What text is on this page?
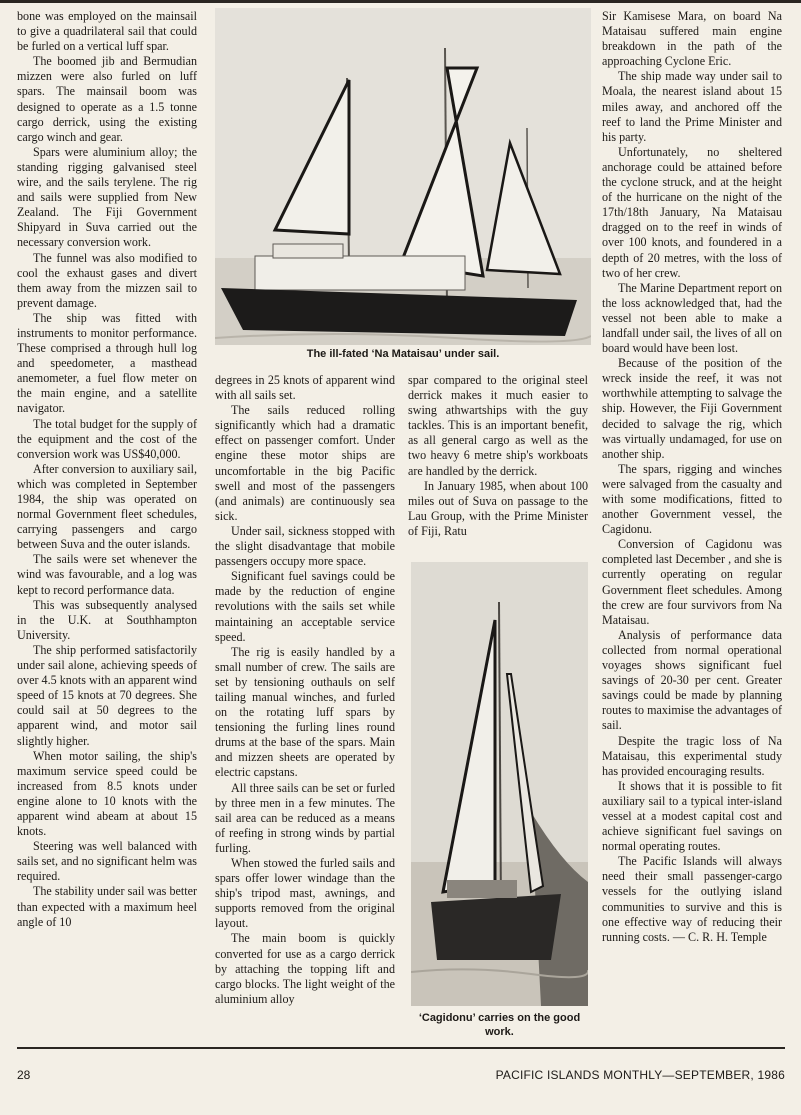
bone was employed on the mainsail to give a quadrilateral sail that could be furled on a vertical luff spar.

The boomed jib and Bermudian mizzen were also furled on luff spars. The mainsail boom was designed to operate as a 1.5 tonne cargo derrick, using the existing cargo winch and gear.

Spars were aluminium alloy; the standing rigging galvanised steel wire, and the sails terylene. The rig and sails were supplied from New Zealand. The Fiji Government Shipyard in Suva carried out the necessary conversion work.

The funnel was also modified to cool the exhaust gases and divert them away from the mizzen sail to prevent damage.

The ship was fitted with instruments to monitor performance. These comprised a through hull log and speedometer, a masthead anemometer, a fuel flow meter on the main engine, and a satellite navigator.

The total budget for the supply of the equipment and the cost of the conversion work was US$40,000.

After conversion to auxiliary sail, which was completed in September 1984, the ship was operated on normal Government fleet schedules, carrying passengers and cargo between Suva and the outer islands.

The sails were set whenever the wind was favourable, and a log was kept to record performance data.

This was subsequently analysed in the U.K. at Southhampton University.

The ship performed satisfactorily under sail alone, achieving speeds of over 4.5 knots with an apparent wind speed of 15 knots at 70 degrees. She could sail at 50 degrees to the apparent wind, and motor sail slightly higher.

When motor sailing, the ship's maximum service speed could be increased from 8.5 knots under engine alone to 10 knots with the apparent wind abeam at about 15 knots.

Steering was well balanced with sails set, and no significant helm was required.

The stability under sail was better than expected with a maximum heel angle of 10

The ill-fated ‘Na Mataisau’ under sail.

degrees in 25 knots of apparent wind with all sails set.

The sails reduced rolling significantly which had a dramatic effect on passenger comfort. Under engine these motor ships are uncomfortable in the big Pacific swell and most of the passengers (and animals) are continuously sea sick.

Under sail, sickness stopped with the slight disadvantage that mobile passengers occupy more space.

Significant fuel savings could be made by the reduction of engine revolutions with the sails set while maintaining an acceptable service speed.

The rig is easily handled by a small number of crew. The sails are set by tensioning outhauls on self tailing manual winches, and furled on the rotating luff spars by tensioning the furling lines round drums at the base of the spars. Main and mizzen sheets are operated by electric capstans.

All three sails can be set or furled by three men in a few minutes. The sail area can be reduced as a means of reefing in strong winds by partial furling.

When stowed the furled sails and spars offer lower windage than the ship's tripod mast, awnings, and supports removed from the original layout.

The main boom is quickly converted for use as a cargo derrick by attaching the topping lift and cargo blocks. The light weight of the aluminium alloy

spar compared to the original steel derrick makes it much easier to swing athwartships with the guy tackles. This is an important benefit, as all general cargo as well as the two heavy 6 metre ship's workboats are handled by the derrick.

In January 1985, when about 100 miles out of Suva on passage to the Lau Group, with the Prime Minister of Fiji, Ratu

‘Cagidonu’ carries on the good work.

Sir Kamisese Mara, on board Na Mataisau suffered main engine breakdown in the path of the approaching Cyclone Eric.

The ship made way under sail to Moala, the nearest island about 15 miles away, and anchored off the reef to land the Prime Minister and his party.

Unfortunately, no sheltered anchorage could be attained before the cyclone struck, and at the height of the hurricane on the night of the 17th/18th January, Na Mataisau dragged on to the reef in winds of over 100 knots, and foundered in a depth of 20 metres, with the loss of two of her crew.

The Marine Department report on the loss acknowledged that, had the vessel not been able to make a landfall under sail, the lives of all on board would have been lost.

Because of the position of the wreck inside the reef, it was not worthwhile attempting to salvage the ship. However, the Fiji Government decided to salvage the rig, which was virtually undamaged, for use on another ship.

The spars, rigging and winches were salvaged from the casualty and with some modifications, fitted to another Government vessel, the Cagidonu.

Conversion of Cagidonu was completed last December , and she is currently operating on regular Government fleet schedules. Among the crew are four survivors from Na Mataisau.

Analysis of performance data collected from normal operational voyages shows significant fuel savings of 20-30 per cent. Greater savings could be made by planning routes to maximise the advantages of sail.

Despite the tragic loss of Na Mataisau, this experimental study has provided encouraging results.

It shows that it is possible to fit auxiliary sail to a typical inter-island vessel at a modest capital cost and achieve significant fuel savings on normal operating routes.

The Pacific Islands will always need their small passenger-cargo vessels for the outlying island communities to survive and this is one effective way of reducing their running costs. — C. R. H. Temple

28	PACIFIC ISLANDS MONTHLY—SEPTEMBER, 1986
